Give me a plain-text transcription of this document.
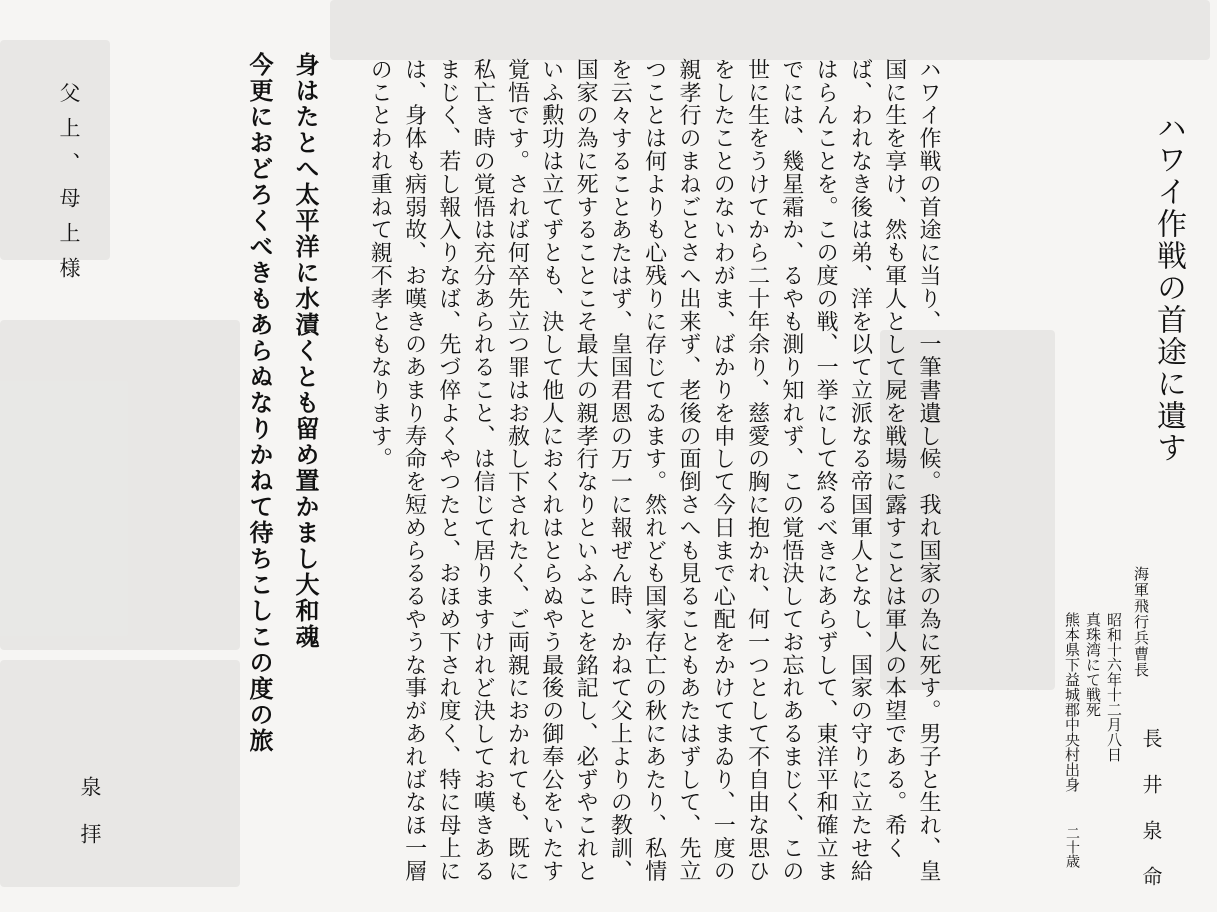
ハワイ作戦の首途に遺す
海軍飛行兵曹長
長井泉命
昭和十六年十二月八日
真珠湾にて戦死
熊本県下益城郡中央村出身
二十歳

ハワイ作戦の首途に当り、一筆書遺し候。我れ国家の為に死す。男子と生れ、皇国に生を享け、然も軍人として屍を戦場に露すことは軍人の本望である。希くば、われなき後は弟、洋を以て立派なる帝国軍人となし、国家の守りに立たせ給はらんことを。この度の戦、一挙にして終るべきにあらずして、東洋平和確立までには、幾星霜か、るやも測り知れず、この覚悟決してお忘れあるまじく、この世に生をうけてから二十年余り、慈愛の胸に抱かれ、何一つとして不自由な思ひをしたことのないわがま、ばかりを申して今日まで心配をかけてまゐり、一度の親孝行のまねごとさへ出来ず、老後の面倒さへも見ることもあたはずして、先立つことは何よりも心残りに存じてゐます。然れども国家存亡の秋にあたり、私情を云々することあたはず、皇国君恩の万一に報ぜん時、かねて父上よりの教訓、国家の為に死することこそ最大の親孝行なりといふことを銘記し、必ずやこれといふ勲功は立てずとも、決して他人におくれはとらぬやう最後の御奉公をいたす覚悟です。されば何卒先立つ罪はお赦し下されたく、ご両親におかれても、既に私亡き時の覚悟は充分あられること、は信じて居りますけれど決してお嘆きあるまじく、若し報入りなば、先づ倅よくやつたと、おほめ下され度く、特に母上には、身体も病弱故、お嘆きのあまり寿命を短めらるるやうな事があればなほ一層のことわれ重ねて親不孝ともなります。

身はたとへ太平洋に水漬くとも留め置かまし大和魂
今更におどろくべきもあらぬなりかねて待ちこしこの度の旅
父上、母上様
泉拝
